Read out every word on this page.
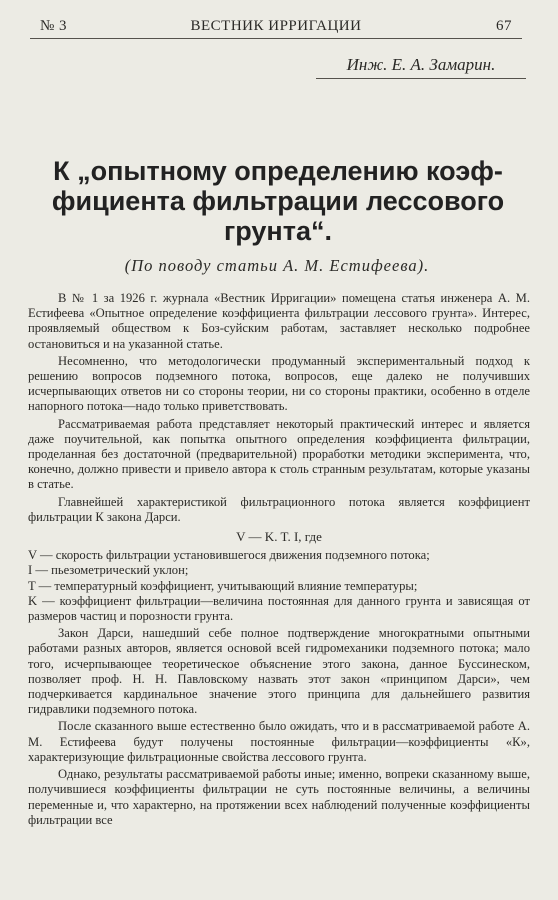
№ 3	ВЕСТНИК ИРРИГАЦИИ	67
Инж. Е. А. Замарин.
К „опытному определению коэф- фициента фильтрации лессового грунта“.
(По поводу статьи А. М. Естифеева).

В № 1 за 1926 г. журнала «Вестник Ирригации» помещена статья инженера А. М. Естифеева «Опытное определение коэффициента фильтрации лессового грунта». Интерес, проявляемый обществом к Боз-суйским работам, заставляет несколько подробнее остановиться и на указанной статье.

Несомненно, что методологически продуманный экспериментальный подход к решению вопросов подземного потока, вопросов, еще далеко не получивших исчерпывающих ответов ни со стороны теории, ни со стороны практики, особенно в отделе напорного потока—надо только приветствовать.

Рассматриваемая работа представляет некоторый практический интерес и является даже поучительной, как попытка опытного определения коэффициента фильтрации, проделанная без достаточной (предварительной) проработки методики эксперимента, что, конечно, должно привести и привело автора к столь странным результатам, которые указаны в статье.

Главнейшей характеристикой фильтрационного потока является коэффициент фильтрации К закона Дарси.

V — K. T. I, где

V — скорость фильтрации установившегося движения подземного потока;

I — пьезометрический уклон;

T — температурный коэффициент, учитывающий влияние температуры;

K — коэффициент фильтрации—величина постоянная для данного грунта и зависящая от размеров частиц и порозности грунта.

Закон Дарси, нашедший себе полное подтверждение многократными опытными работами разных авторов, является основой всей гидромеханики подземного потока; мало того, исчерпывающее теоретическое объяснение этого закона, данное Буссинеском, позволяет проф. Н. Н. Павловскому назвать этот закон «принципом Дарси», чем подчеркивается кардинальное значение этого принципа для дальнейшего развития гидравлики подземного потока.

После сказанного выше естественно было ожидать, что и в рассматриваемой работе А. М. Естифеева будут получены постоянные фильтрации—коэффициенты «К», характеризующие фильтрационные свойства лессового грунта.

Однако, результаты рассматриваемой работы иные; именно, вопреки сказанному выше, получившиеся коэффициенты фильтрации не суть постоянные величины, а величины переменные и, что характерно, на протяжении всех наблюдений полученные коэффициенты фильтрации все
